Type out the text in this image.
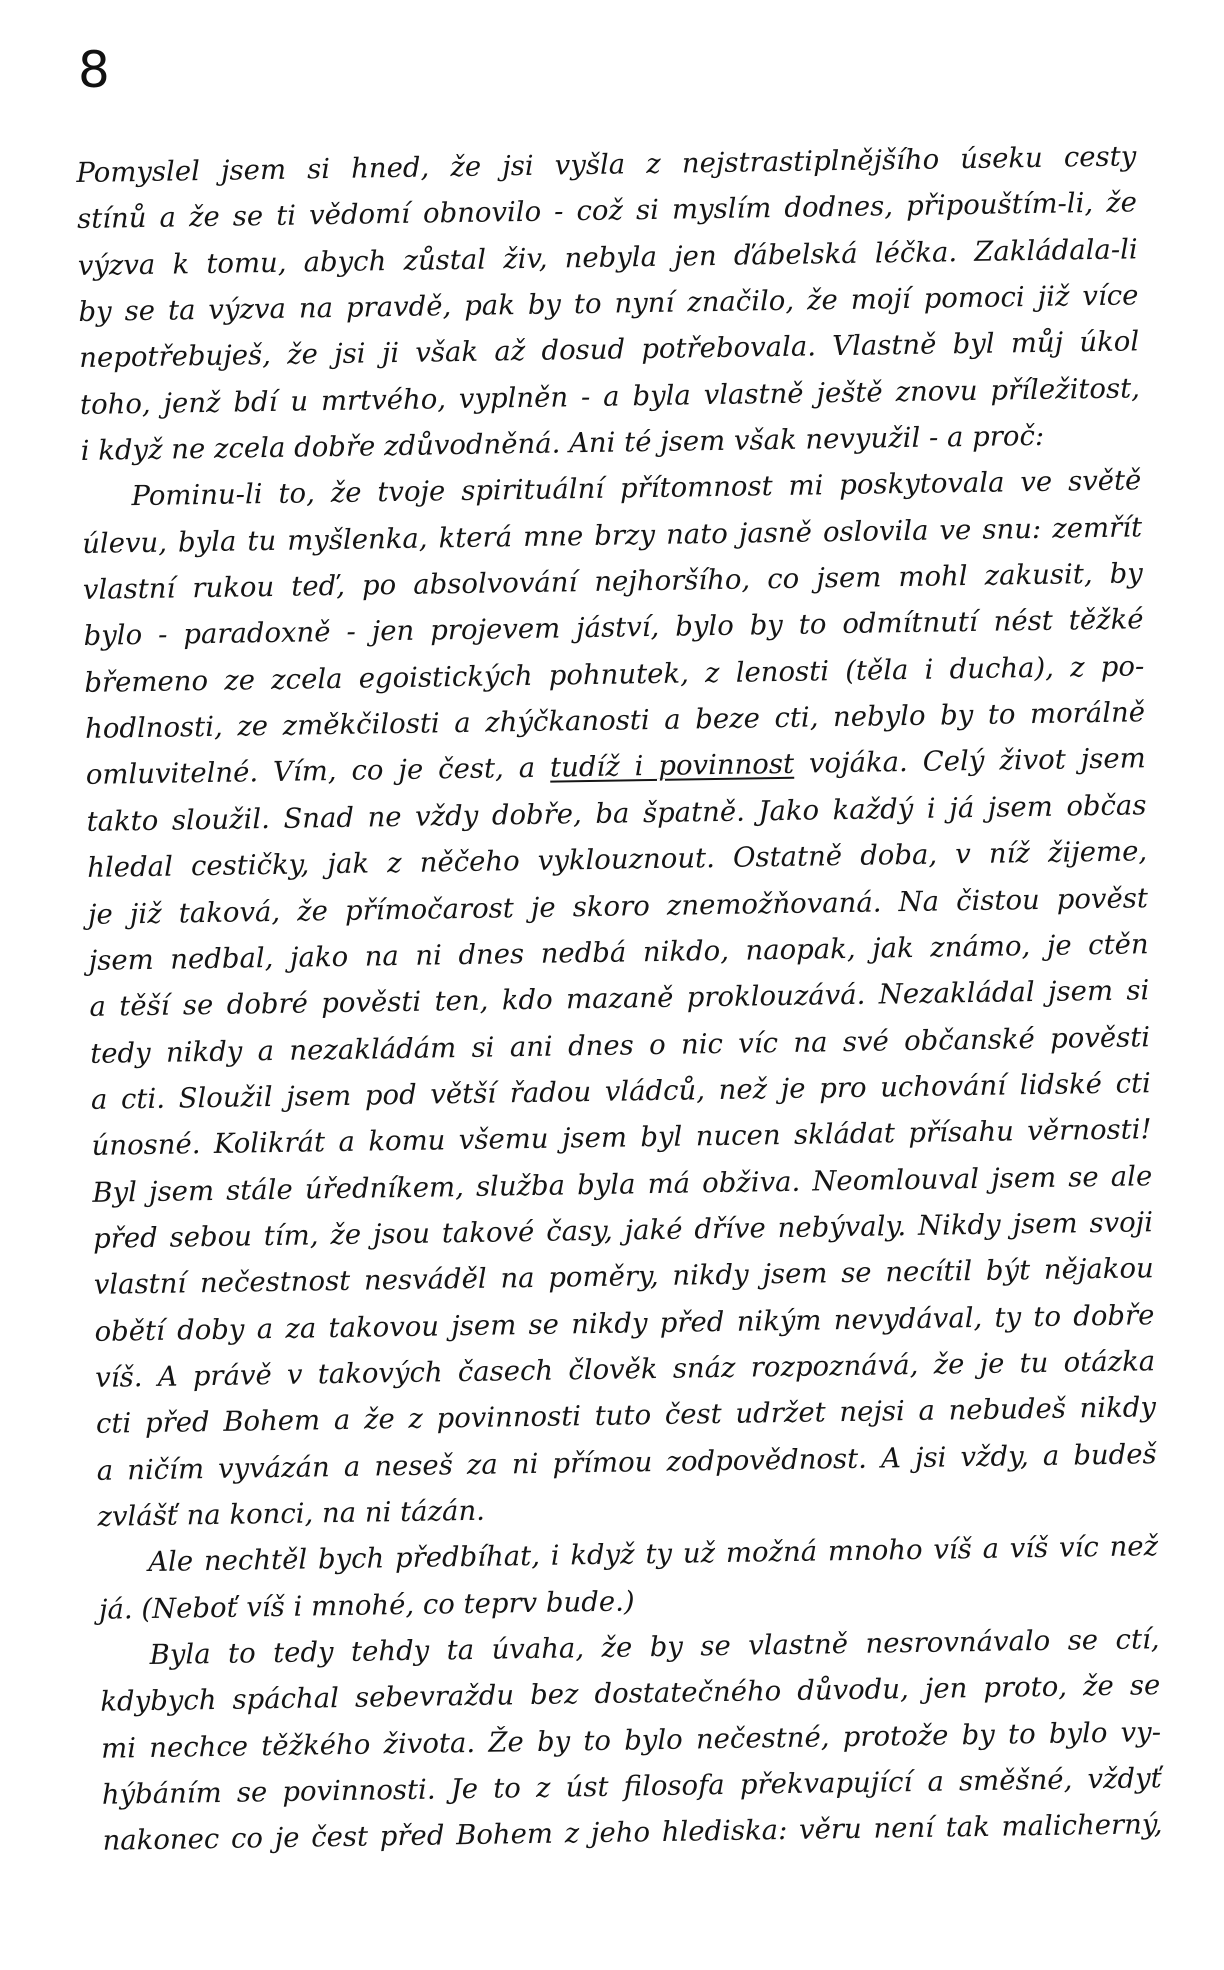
8
Pomyslel jsem si hned, že jsi vyšla z nejstrastiplnějšího úseku cesty
stínů a že se ti vědomí obnovilo - což si myslím dodnes, připouštím-li, že
výzva k tomu, abych zůstal živ, nebyla jen ďábelská léčka. Zakládala-li
by se ta výzva na pravdě, pak by to nyní značilo, že mojí pomoci již více
nepotřebuješ, že jsi ji však až dosud potřebovala. Vlastně byl můj úkol
toho, jenž bdí u mrtvého, vyplněn - a byla vlastně ještě znovu příležitost,
i když ne zcela dobře zdůvodněná. Ani té jsem však nevyužil - a proč:
Pominu-li to, že tvoje spirituální přítomnost mi poskytovala ve světě
úlevu, byla tu myšlenka, která mne brzy nato jasně oslovila ve snu: zemřít
vlastní rukou teď, po absolvování nejhoršího, co jsem mohl zakusit, by
bylo - paradoxně - jen projevem jáství, bylo by to odmítnutí nést těžké
břemeno ze zcela egoistických pohnutek, z lenosti (těla i ducha), z po-
hodlnosti, ze změkčilosti a zhýčkanosti a beze cti, nebylo by to morálně
omluvitelné. Vím, co je čest, a tudíž i povinnost vojáka. Celý život jsem
takto sloužil. Snad ne vždy dobře, ba špatně. Jako každý i já jsem občas
hledal cestičky, jak z něčeho vyklouznout. Ostatně doba, v níž žijeme,
je již taková, že přímočarost je skoro znemožňovaná. Na čistou pověst
jsem nedbal, jako na ni dnes nedbá nikdo, naopak, jak známo, je ctěn
a těší se dobré pověsti ten, kdo mazaně proklouzává. Nezakládal jsem si
tedy nikdy a nezakládám si ani dnes o nic víc na své občanské pověsti
a cti. Sloužil jsem pod větší řadou vládců, než je pro uchování lidské cti
únosné. Kolikrát a komu všemu jsem byl nucen skládat přísahu věrnosti!
Byl jsem stále úředníkem, služba byla má obživa. Neomlouval jsem se ale
před sebou tím, že jsou takové časy, jaké dříve nebývaly. Nikdy jsem svoji
vlastní nečestnost nesváděl na poměry, nikdy jsem se necítil být nějakou
obětí doby a za takovou jsem se nikdy před nikým nevydával, ty to dobře
víš. A právě v takových časech člověk snáz rozpoznává, že je tu otázka
cti před Bohem a že z povinnosti tuto čest udržet nejsi a nebudeš nikdy
a ničím vyvázán a neseš za ni přímou zodpovědnost. A jsi vždy, a budeš
zvlášť na konci, na ni tázán.
Ale nechtěl bych předbíhat, i když ty už možná mnoho víš a víš víc než
já. (Neboť víš i mnohé, co teprv bude.)
Byla to tedy tehdy ta úvaha, že by se vlastně nesrovnávalo se ctí,
kdybych spáchal sebevraždu bez dostatečného důvodu, jen proto, že se
mi nechce těžkého života. Že by to bylo nečestné, protože by to bylo vy-
hýbáním se povinnosti. Je to z úst filosofa překvapující a směšné, vždyť
nakonec co je čest před Bohem z jeho hlediska: věru není tak malicherný,
